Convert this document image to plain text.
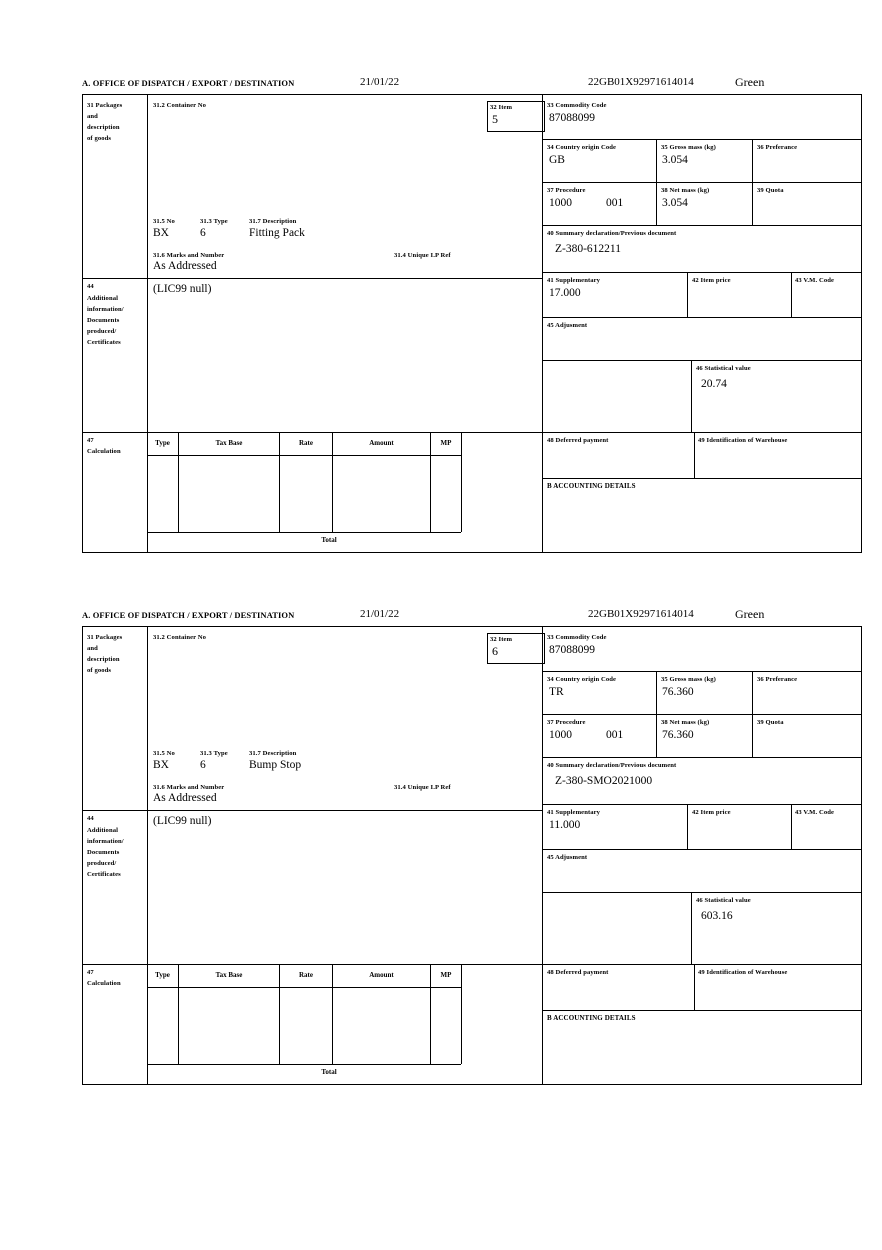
A. OFFICE OF DISPATCH / EXPORT / DESTINATION	21/01/22	22GB01X92971614014	Green
32 Item
5
31 Packages
and
description
of goods
31.2 Container No
31.5 No	31.3 Type	31.7 Description
BX	6	Fitting Pack
31.6 Marks and Number	31.4 Unique I.P Ref
As Addressed
44
Additional
information/
Documents
produced/
Certificates
(LIC99 null)
33 Commodity Code
87088099
34 Country origin Code
GB
35 Gross mass (kg)
3.054
36 Preferance
37 Procedure
1000	001
38 Net mass (kg)
3.054
39 Quota
40 Summary declaration/Previous document
Z-380-612211
41 Supplementary
17.000
42 Item price	43 V.M. Code
45 Adjusment
46 Statistical value
20.74
47
Calculation
Type	Tax Base	Rate	Amount	MP
Total
48 Deferred payment	49 Identification of Warehouse
B ACCOUNTING DETAILS
A. OFFICE OF DISPATCH / EXPORT / DESTINATION	21/01/22	22GB01X92971614014	Green
32 Item
6
31 Packages
and
description
of goods
31.2 Container No
31.5 No	31.3 Type	31.7 Description
BX	6	Bump Stop
31.6 Marks and Number	31.4 Unique I.P Ref
As Addressed
44
Additional
information/
Documents
produced/
Certificates
(LIC99 null)
33 Commodity Code
87088099
34 Country origin Code
TR
35 Gross mass (kg)
76.360
36 Preferance
37 Procedure
1000	001
38 Net mass (kg)
76.360
39 Quota
40 Summary declaration/Previous document
Z-380-SMO2021000
41 Supplementary
11.000
42 Item price	43 V.M. Code
45 Adjusment
46 Statistical value
603.16
47
Calculation
Type	Tax Base	Rate	Amount	MP
Total
48 Deferred payment	49 Identification of Warehouse
B ACCOUNTING DETAILS
